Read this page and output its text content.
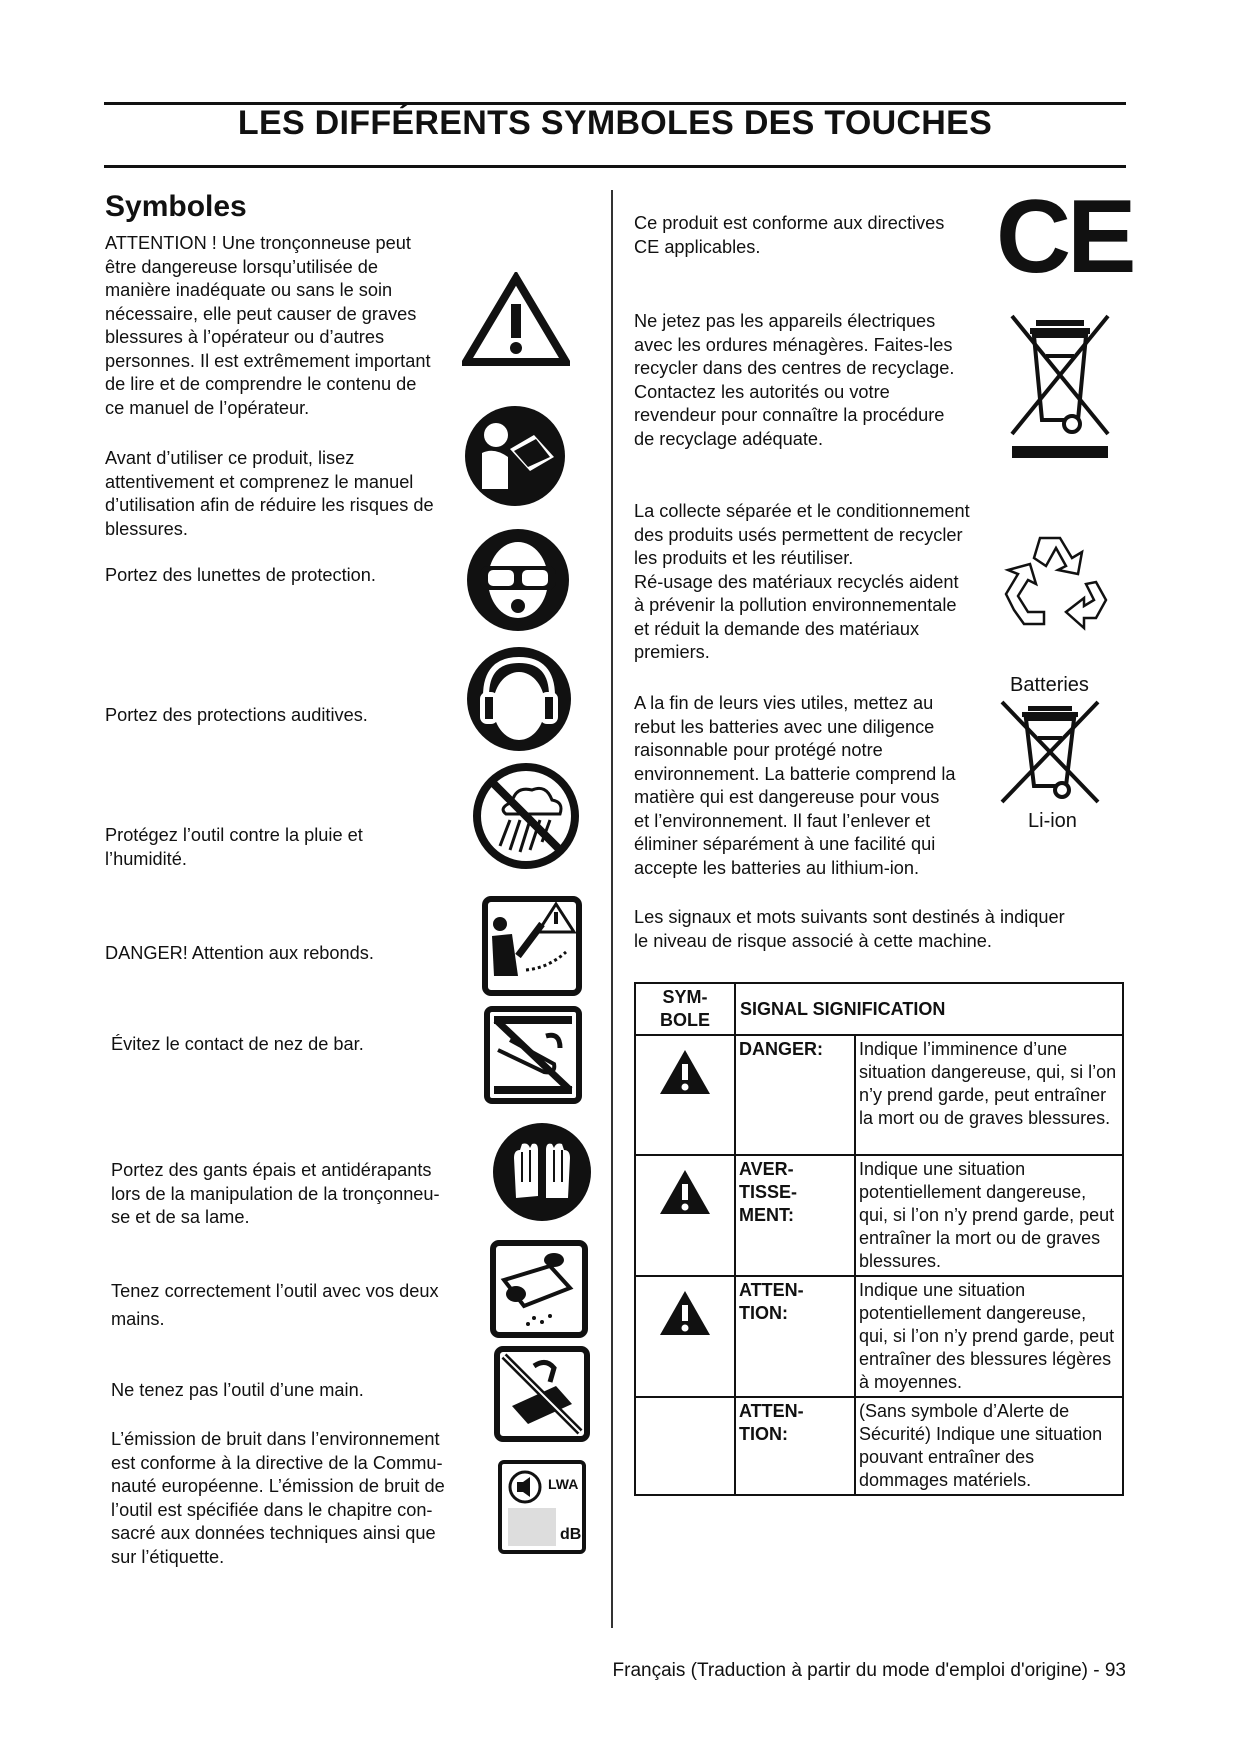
LES DIFFÉRENTS SYMBOLES DES TOUCHES
Symboles
ATTENTION ! Une tronçonneuse peut
être dangereuse lorsqu’utilisée de
manière inadéquate ou sans le soin
nécessaire, elle peut causer de graves
blessures à l’opérateur ou d’autres
personnes. Il est extrêmement important
de lire et de comprendre le contenu de
ce manuel de l’opérateur.
Avant d’utiliser ce produit, lisez
attentivement et comprenez le manuel
d’utilisation afin de réduire les risques de
blessures.
Portez des lunettes de protection.
Portez des protections auditives.
Protégez l’outil contre la pluie et
l’humidité.
DANGER! Attention aux rebonds.
Évitez le contact de nez de bar.
Portez des gants épais et antidérapants
lors de la manipulation de la tronçonneu-
se et de sa lame.
Tenez correctement l’outil avec vos deux
mains.
Ne tenez pas l’outil d’une main.
L’émission de bruit dans l’environnement
est conforme à la directive de la Commu-
nauté européenne. L’émission de bruit de
l’outil est spécifiée dans le chapitre con-
sacré aux données techniques ainsi que
sur l’étiquette.
LWA
dB
Ce produit est conforme aux directives
CE applicables.	CE
Ne jetez pas les appareils électriques
avec les ordures ménagères. Faites-les
recycler dans des centres de recyclage.
Contactez les autorités ou votre
revendeur pour connaître la procédure
de recyclage adéquate.
La collecte séparée et le conditionnement
des produits usés permettent de recycler
les produits et les réutiliser.
Ré-usage des matériaux recyclés aident
à prévenir la pollution environnementale
et réduit la demande des matériaux
premiers.
Batteries
A la fin de leurs vies utiles, mettez au
rebut les batteries avec une diligence
raisonnable pour protégé notre
environnement. La batterie comprend la
matière qui est dangereuse pour vous
et l’environnement. Il faut l’enlever et
éliminer séparément à une facilité qui
accepte les batteries au lithium-ion.
Li-ion
Les signaux et mots suivants sont destinés à indiquer
le niveau de risque associé à cette machine.
SYM-
BOLE	SIGNAL SIGNIFICATION	
	DANGER:	Indique l’imminence d’une situation dangereuse, qui, si l’on n’y prend garde, peut entraîner la mort ou de graves blessures.
	AVER-
TISSE-
MENT:	Indique une situation potentiellement dangereuse, qui, si l’on n’y prend garde, peut entraîner la mort ou de graves blessures.
	ATTEN-
TION:	Indique une situation potentiellement dangereuse, qui, si l’on n’y prend garde, peut entraîner des blessures légères à moyennes.
	ATTEN-
TION:	(Sans symbole d’Alerte de Sécurité) Indique une situation pouvant entraîner des dommages matériels.
Français (Traduction à partir du mode d'emploi d'origine) - 93
